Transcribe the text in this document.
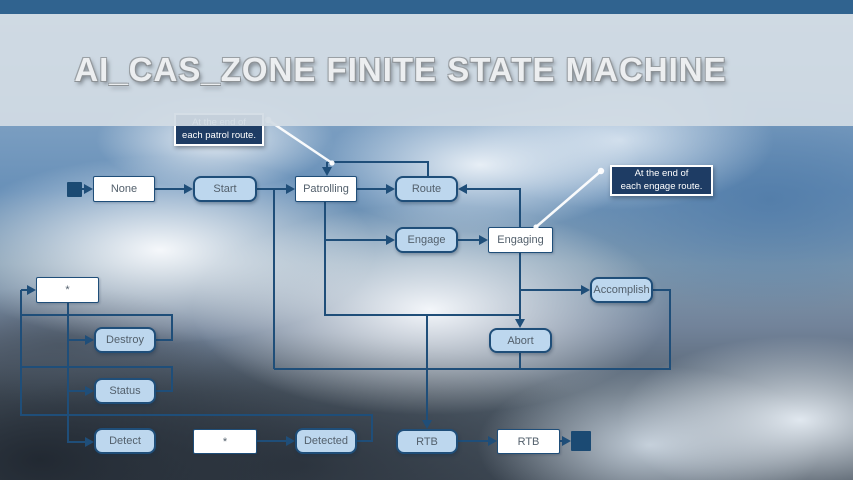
None	Start	Patrolling	Route
Engage	Engaging
Accomplish
Abort
*
Destroy
Status
Detect	*	Detected	RTB	RTB
each patrol route.
At the end of
each engage route.
AI_CAS_ZONE FINITE STATE MACHINE
